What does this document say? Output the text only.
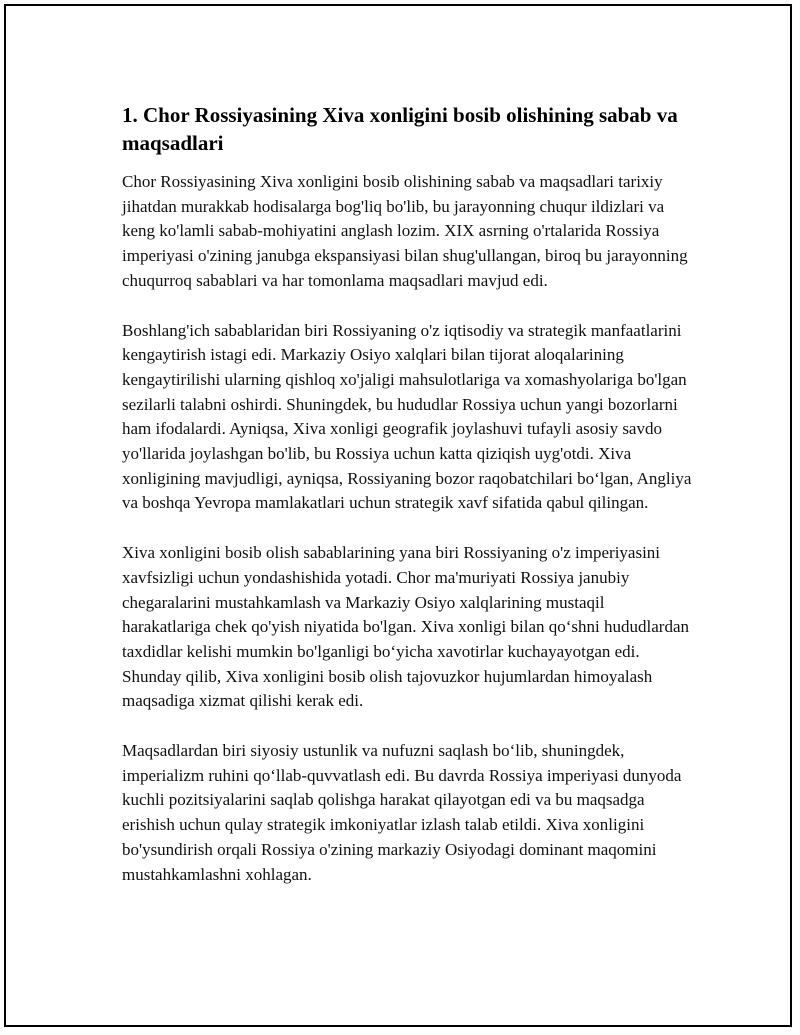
1. Chor Rossiyasining Xiva xonligini bosib olishining sabab va maqsadlari

Chor Rossiyasining Xiva xonligini bosib olishining sabab va maqsadlari tarixiy jihatdan murakkab hodisalarga bog'liq bo'lib, bu jarayonning chuqur ildizlari va keng ko'lamli sabab-mohiyatini anglash lozim. XIX asrning o'rtalarida Rossiya imperiyasi o'zining janubga ekspansiyasi bilan shug'ullangan, biroq bu jarayonning chuqurroq sabablari va har tomonlama maqsadlari mavjud edi.

Boshlang'ich sabablaridan biri Rossiyaning o'z iqtisodiy va strategik manfaatlarini kengaytirish istagi edi. Markaziy Osiyo xalqlari bilan tijorat aloqalarining kengaytirilishi ularning qishloq xo'jaligi mahsulotlariga va xomashyolariga bo'lgan sezilarli talabni oshirdi. Shuningdek, bu hududlar Rossiya uchun yangi bozorlarni ham ifodalardi. Ayniqsa, Xiva xonligi geografik joylashuvi tufayli asosiy savdo yo'llarida joylashgan bo'lib, bu Rossiya uchun katta qiziqish uyg'otdi. Xiva xonligining mavjudligi, ayniqsa, Rossiyaning bozor raqobatchilari bo‘lgan, Angliya va boshqa Yevropa mamlakatlari uchun strategik xavf sifatida qabul qilingan.

Xiva xonligini bosib olish sabablarining yana biri Rossiyaning o'z imperiyasini xavfsizligi uchun yondashishida yotadi. Chor ma'muriyati Rossiya janubiy chegaralarini mustahkamlash va Markaziy Osiyo xalqlarining mustaqil harakatlariga chek qo'yish niyatida bo'lgan. Xiva xonligi bilan qo‘shni hududlardan taxdidlar kelishi mumkin bo'lganligi bo‘yicha xavotirlar kuchayayotgan edi. Shunday qilib, Xiva xonligini bosib olish tajovuzkor hujumlardan himoyalash maqsadiga xizmat qilishi kerak edi.

Maqsadlardan biri siyosiy ustunlik va nufuzni saqlash bo‘lib, shuningdek, imperializm ruhini qo‘llab-quvvatlash edi. Bu davrda Rossiya imperiyasi dunyoda kuchli pozitsiyalarini saqlab qolishga harakat qilayotgan edi va bu maqsadga erishish uchun qulay strategik imkoniyatlar izlash talab etildi. Xiva xonligini bo'ysundirish orqali Rossiya o'zining markaziy Osiyodagi dominant maqomini mustahkamlashni xohlagan.
